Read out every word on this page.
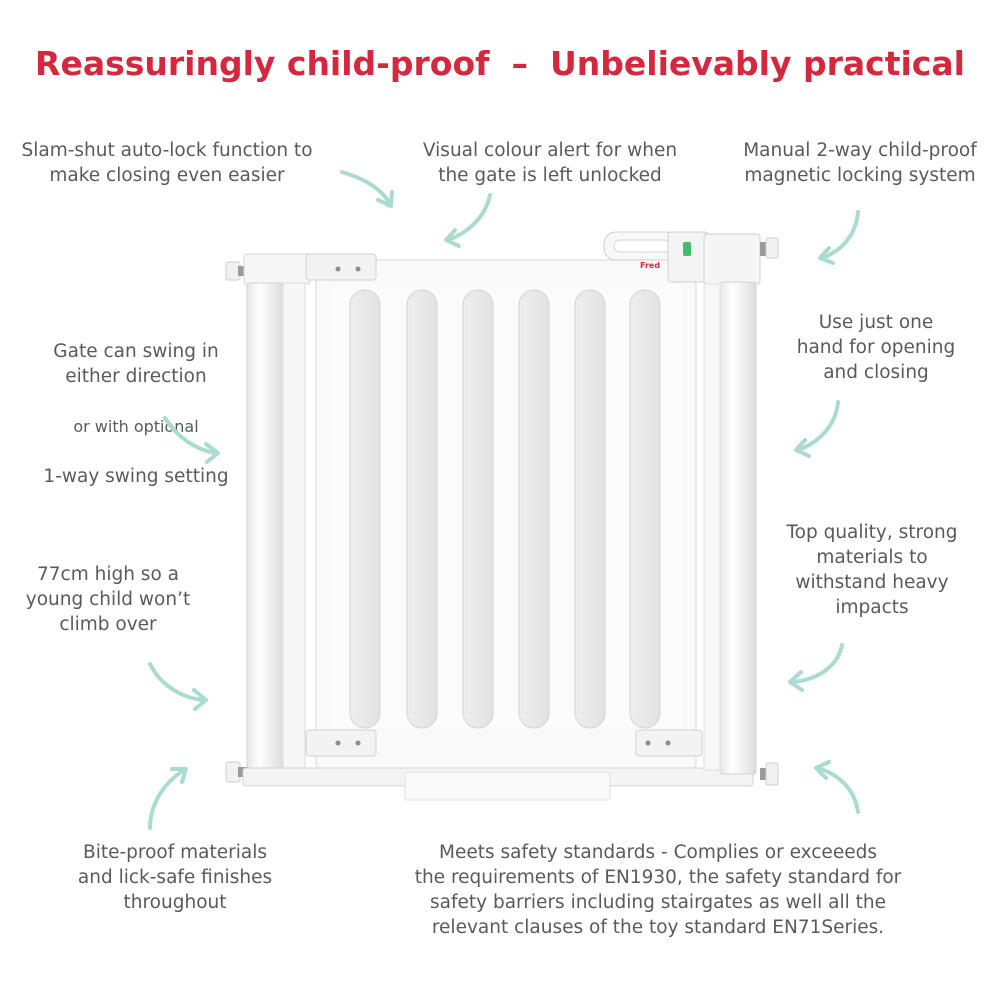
Reassuringly child-proof – Unbelievably practical
Fred
Slam-shut auto-lock function to
make closing even easier
Visual colour alert for when
the gate is left unlocked
Manual 2-way child-proof
magnetic locking system

Gate can swing in
either direction

or with optional

1-way swing setting

Use just one
hand for opening
and closing
77cm high so a
young child won’t
climb over
Top quality, strong
materials to
withstand heavy
impacts
Bite-proof materials
and lick-safe finishes
throughout
Meets safety standards - Complies or exceeeds
the requirements of EN1930, the safety standard for
safety barriers including stairgates as well all the
relevant clauses of the toy standard EN71Series.
